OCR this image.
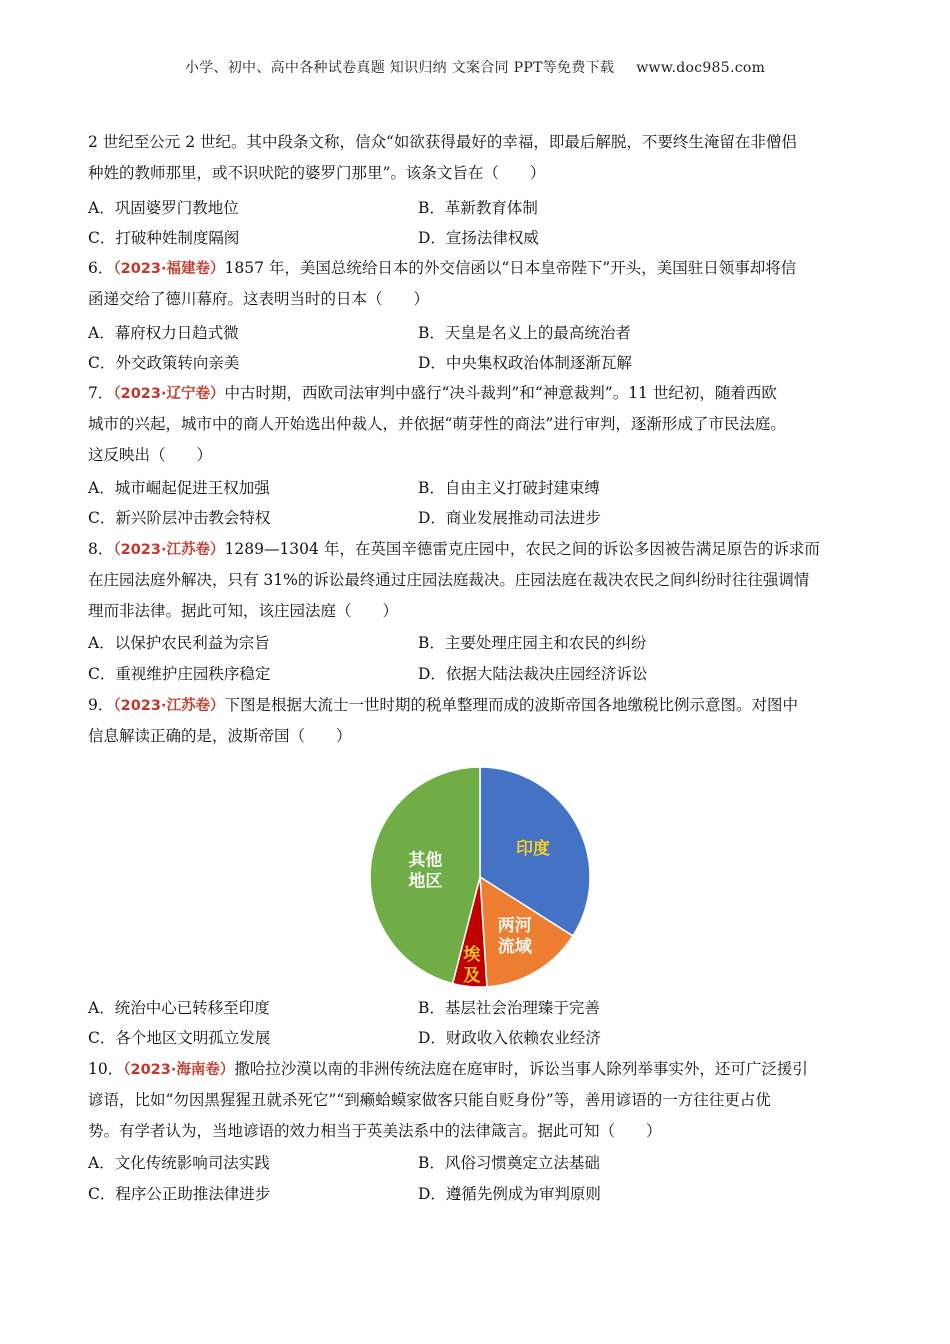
小学、初中、高中各种试卷真题 知识归纳 文案合同 PPT等免费下载 www.doc985.com
2 世纪至公元 2 世纪。其中段条文称，信众“如欲获得最好的幸福，即最后解脱，不要终生淹留在非僧侣
种姓的教师那里，或不识吠陀的婆罗门那里”。该条文旨在（　　）
A．巩固婆罗门教地位	B．革新教育体制
C．打破种姓制度隔阂	D．宣扬法律权威
6．（2023·福建卷）1857 年，美国总统给日本的外交信函以“日本皇帝陛下”开头，美国驻日领事却将信
函递交给了德川幕府。这表明当时的日本（　　）
A．幕府权力日趋式微	B．天皇是名义上的最高统治者
C．外交政策转向亲美	D．中央集权政治体制逐渐瓦解
7．（2023·辽宁卷）中古时期，西欧司法审判中盛行“决斗裁判”和“神意裁判”。11 世纪初，随着西欧
城市的兴起，城市中的商人开始选出仲裁人，并依据“萌芽性的商法”进行审判，逐渐形成了市民法庭。
这反映出（　　）
A．城市崛起促进王权加强	B．自由主义打破封建束缚
C．新兴阶层冲击教会特权	D．商业发展推动司法进步
8．（2023·江苏卷）1289—1304 年，在英国辛德雷克庄园中，农民之间的诉讼多因被告满足原告的诉求而
在庄园法庭外解决，只有 31%的诉讼最终通过庄园法庭裁决。庄园法庭在裁决农民之间纠纷时往往强调情
理而非法律。据此可知，该庄园法庭（　　）
A．以保护农民利益为宗旨	B．主要处理庄园主和农民的纠纷
C．重视维护庄园秩序稳定	D．依据大陆法裁决庄园经济诉讼
9．（2023·江苏卷）下图是根据大流士一世时期的税单整理而成的波斯帝国各地缴税比例示意图。对图中
信息解读正确的是，波斯帝国（　　）
印度
两河
流域
埃
及
其他
地区
A．统治中心已转移至印度	B．基层社会治理臻于完善
C．各个地区文明孤立发展	D．财政收入依赖农业经济
10．（2023·海南卷）撒哈拉沙漠以南的非洲传统法庭在庭审时，诉讼当事人除列举事实外，还可广泛援引
谚语，比如“勿因黑猩猩丑就杀死它”“到癞蛤蟆家做客只能自贬身份”等，善用谚语的一方往往更占优
势。有学者认为，当地谚语的效力相当于英美法系中的法律箴言。据此可知（　　）
A．文化传统影响司法实践	B．风俗习惯奠定立法基础
C．程序公正助推法律进步	D．遵循先例成为审判原则
